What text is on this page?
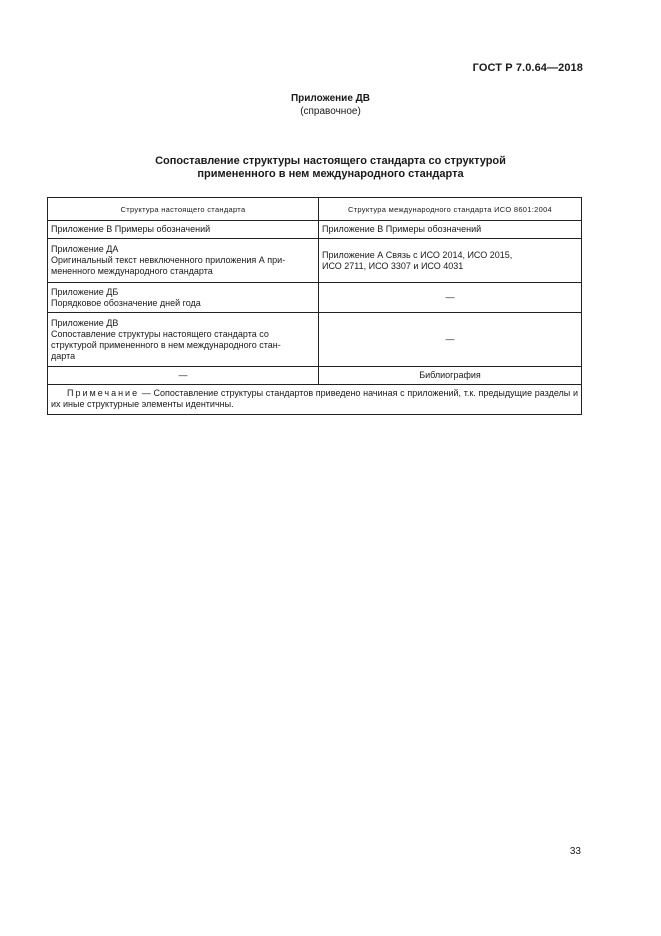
ГОСТ Р 7.0.64—2018
Приложение ДВ
(справочное)
Сопоставление структуры настоящего стандарта со структурой
примененного в нем международного стандарта
Структура настоящего стандарта	Структура международного стандарта ИСО 8601:2004

Приложение В Примеры обозначений	Приложение В Примеры обозначений

Приложение ДА
Оригинальный текст невключенного приложения А при-
мененного международного стандарта	Приложение А Связь с ИСО 2014, ИСО 2015,
ИСО 2711, ИСО 3307 и ИСО 4031

Приложение ДБ
Порядковое обозначение дней года	—

Приложение ДВ
Сопоставление структуры настоящего стандарта со
структурой примененного в нем международного стан-
дарта	—

—	Библиография

Примечание — Сопоставление структуры стандартов приведено начиная с приложений, т.к. предыдущие разделы и их иные структурные элементы идентичны.	
33
